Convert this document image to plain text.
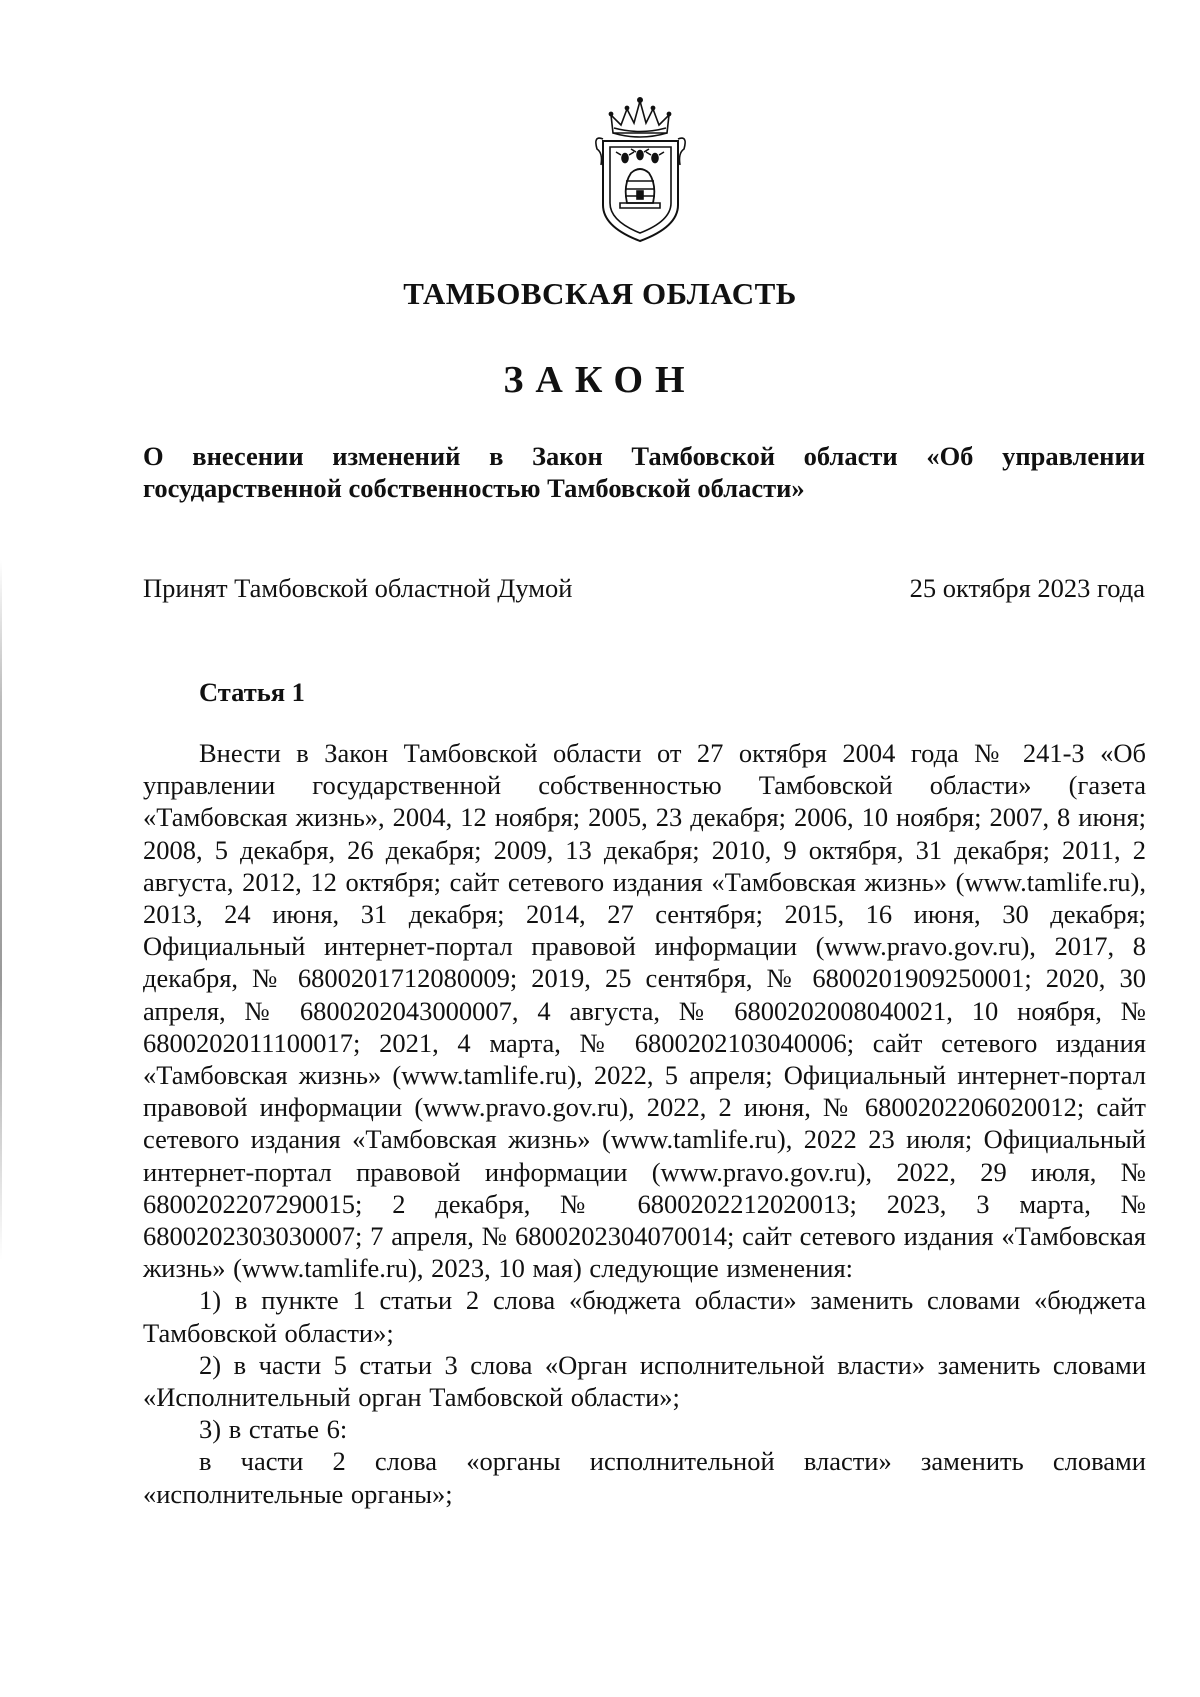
ТАМБОВСКАЯ ОБЛАСТЬ
ЗАКОН
О внесении изменений в Закон Тамбовской области «Об управлении государственной собственностью Тамбовской области»
Принят Тамбовской областной Думой	25 октября 2023 года
Статья 1

Внести в Закон Тамбовской области от 27 октября 2004 года № 241-З «Об управлении государственной собственностью Тамбовской области» (газета «Тамбовская жизнь», 2004, 12 ноября; 2005, 23 декабря; 2006, 10 ноября; 2007, 8 июня; 2008, 5 декабря, 26 декабря; 2009, 13 декабря; 2010, 9 октября, 31 декабря; 2011, 2 августа, 2012, 12 октября; сайт сетевого издания «Тамбовская жизнь» (www.tamlife.ru), 2013, 24 июня, 31 декабря; 2014, 27 сентября; 2015, 16 июня, 30 декабря; Официальный интернет-портал правовой информации (www.pravo.gov.ru), 2017, 8 декабря, № 6800201712080009; 2019, 25 сентября, № 6800201909250001; 2020, 30 апреля, № 6800202043000007, 4 августа, № 6800202008040021, 10 ноября, № 6800202011100017; 2021, 4 марта, № 6800202103040006; сайт сетевого издания «Тамбовская жизнь» (www.tamlife.ru), 2022, 5 апреля; Официальный интернет-портал правовой информации (www.pravo.gov.ru), 2022, 2 июня, № 6800202206020012; сайт сетевого издания «Тамбовская жизнь» (www.tamlife.ru), 2022 23 июля; Официальный интернет-портал правовой информации (www.pravo.gov.ru), 2022, 29 июля, № 6800202207290015; 2 декабря, № 6800202212020013; 2023, 3 марта, № 6800202303030007; 7 апреля, № 6800202304070014; сайт сетевого издания «Тамбовская жизнь» (www.tamlife.ru), 2023, 10 мая) следующие изменения:

1) в пункте 1 статьи 2 слова «бюджета области» заменить словами «бюджета Тамбовской области»;

2) в части 5 статьи 3 слова «Орган исполнительной власти» заменить словами «Исполнительный орган Тамбовской области»;

3) в статье 6:

в части 2 слова «органы исполнительной власти» заменить словами «исполнительные органы»;
